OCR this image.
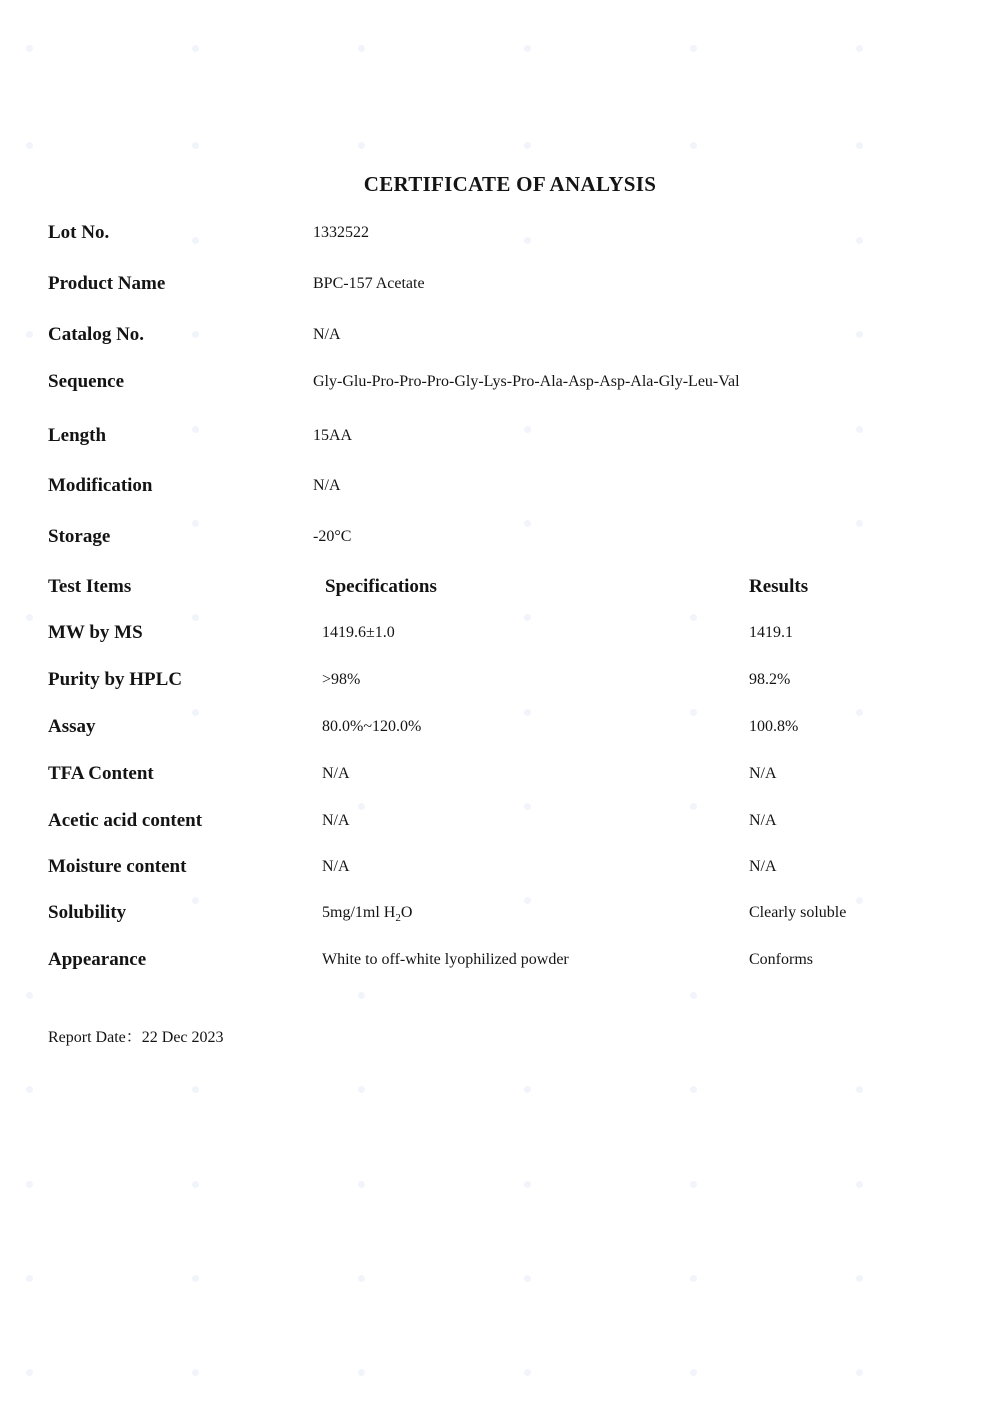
CERTIFICATE OF ANALYSIS
Lot No.	1332522
Product Name	BPC-157 Acetate
Catalog No.	N/A
Sequence	Gly-Glu-Pro-Pro-Pro-Gly-Lys-Pro-Ala-Asp-Asp-Ala-Gly-Leu-Val
Length	15AA
Modification	N/A
Storage	-20°C
Test Items	Specifications	Results
MW by MS	1419.6±1.0	1419.1
Purity by HPLC	>98%	98.2%
Assay	80.0%~120.0%	100.8%
TFA Content	N/A	N/A
Acetic acid content	N/A	N/A
Moisture content	N/A	N/A
Solubility	5mg/1ml $H_2O$	Clearly soluble
Appearance	White to off-white lyophilized powder	Conforms
Report Date：22 Dec 2023
